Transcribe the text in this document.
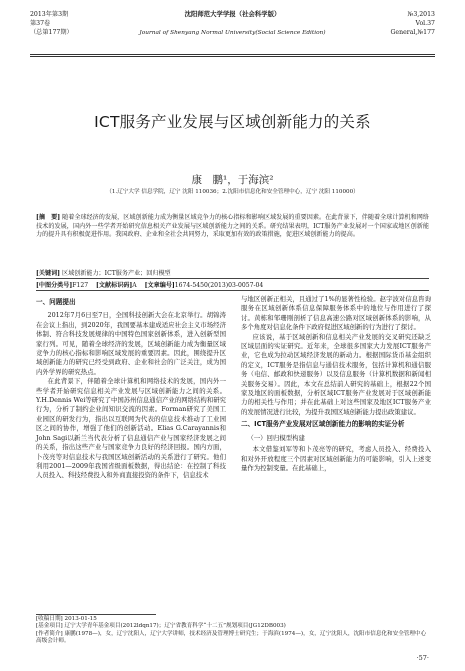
2013年第3期
第37卷
（总第177期）
沈阳师范大学学报（社会科学版）
Journal of Shenyang Normal University(Social Science Edition)
№3,2013
Vol.37
General,№177
ICT服务产业发展与区域创新能力的关系
康　鹏¹，于海滨²
（1.辽宁大学 信息学院，辽宁 沈阳 110036；2.沈阳市信息化和安全管理中心，辽宁 沈阳 110000）
[摘　要] 随着全球经济的发展，区域创新能力成为衡量区域竞争力的核心指标和影响区域发展的重要因素。在此背景下，伴随着全球计算机和网络技术的发展，国内外一些学者开始研究信息相关产业发展与区域创新能力之间的关系。研究结果表明，ICT服务产业发展对一个国家或地区创新能力的提升具有积极促进作用。我国政府、企业和全社会共同努力，采取更加有效的政策措施，促进区域创新能力的提高。
[关键词] 区域创新能力；ICT服务产业；回归模型
[中图分类号]F127 [文献标识码]A [文章编号]1674-5450(2013)03-0057-04

一、问题提出

2012年7月6日至7日，全国科技创新大会在北京举行。胡锦涛在会议上指出，到2020年，我国要基本建成适应社会主义市场经济体制、符合科技发展规律的中国特色国家创新体系，进入创新型国家行列。可见，随着全球经济的发展，区域创新能力成为衡量区域竞争力的核心指标和影响区域发展的重要因素。因此，围绕提升区域创新能力的研究已经受到政府、企业和社会的广泛关注，成为国内外学界的研究热点。

在此背景下，伴随着全球计算机和网络技术的发展，国内外一些学者开始研究信息相关产业发展与区域创新能力之间的关系。Y.H.Dennis Wei等研究了中国苏州信息通信产业的网络结构和研究行为，分析了制约企业间知识交流的因素。Forman研究了美国工业园区的研发行为，指出以互联网为代表的信息技术推动了工业园区之间的协作，增强了他们的创新活动。Elias G.Carayannis和John Sagi以新兰当代表分析了信息通信产业与国家经济发展之间的关系，指出这些产业与国家竞争力良好的经济回报。国内方面，卜茂亮等对信息技术与我国区域创新活动的关系进行了研究。他们利用2001—2009年我国省级面板数据，得出结论：在控制了科技人员投入、科技经费投入和外商直接投资的条件下，信息技术

与地区创新正相关，且通过了1%的显著性检验。赵宇波对信息咨询服务在区域创新体系信息保障服务体系中的地位与作用进行了探讨。黄栋和邹珊刚剖析了信息高速公路对区域创新体系的影响，从多个角度对信息化条件下政府促进区域创新的行为进行了探讨。

应该说，基于区域创新和信息相关产业发展的交叉研究还缺乏区域层面的实证研究。近年来，全球很多国家大力发展ICT服务产业，它也成为拉动区域经济发展的新动力。根据国际货币基金组织的定义，ICT服务是指信息与通信技术服务，包括计算机和通信服务（电信、邮政和快递服务）以及信息服务（计算机数据和新闻相关服务交易）。因此，本文在总结前人研究的基础上，根据22个国家及地区的面板数据，分析区域ICT服务产业发展对于区域创新能力的相关性与作用；并在此基础上对这些国家及地区ICT服务产业的发展情况进行比较，为提升我国区域创新能力提出政策建议。

二、ICT服务产业发展对区域创新能力的影响的实证分析

（一）回归模型构建

本文借鉴刘军等和卜茂亮等的研究，考虑人员投入、经费投入和对外开放程度三个因素对区域创新能力的可能影响，引入上述变量作为控制变量。在此基础上，

[收稿日期] 2013-01-15
[基金项目] 辽宁大学青年基金项目(2012ldqn17)；辽宁省教育科学“十二五”规划项目(JG12DB003)
[作者简介] 康鹏(1978—)，女，辽宁沈阳人，辽宁大学讲师，技术经济及管理博士研究生；于海滨(1974—)，女，辽宁沈阳人，沈阳市信息化和安全管理中心高级会计师。
·57·
